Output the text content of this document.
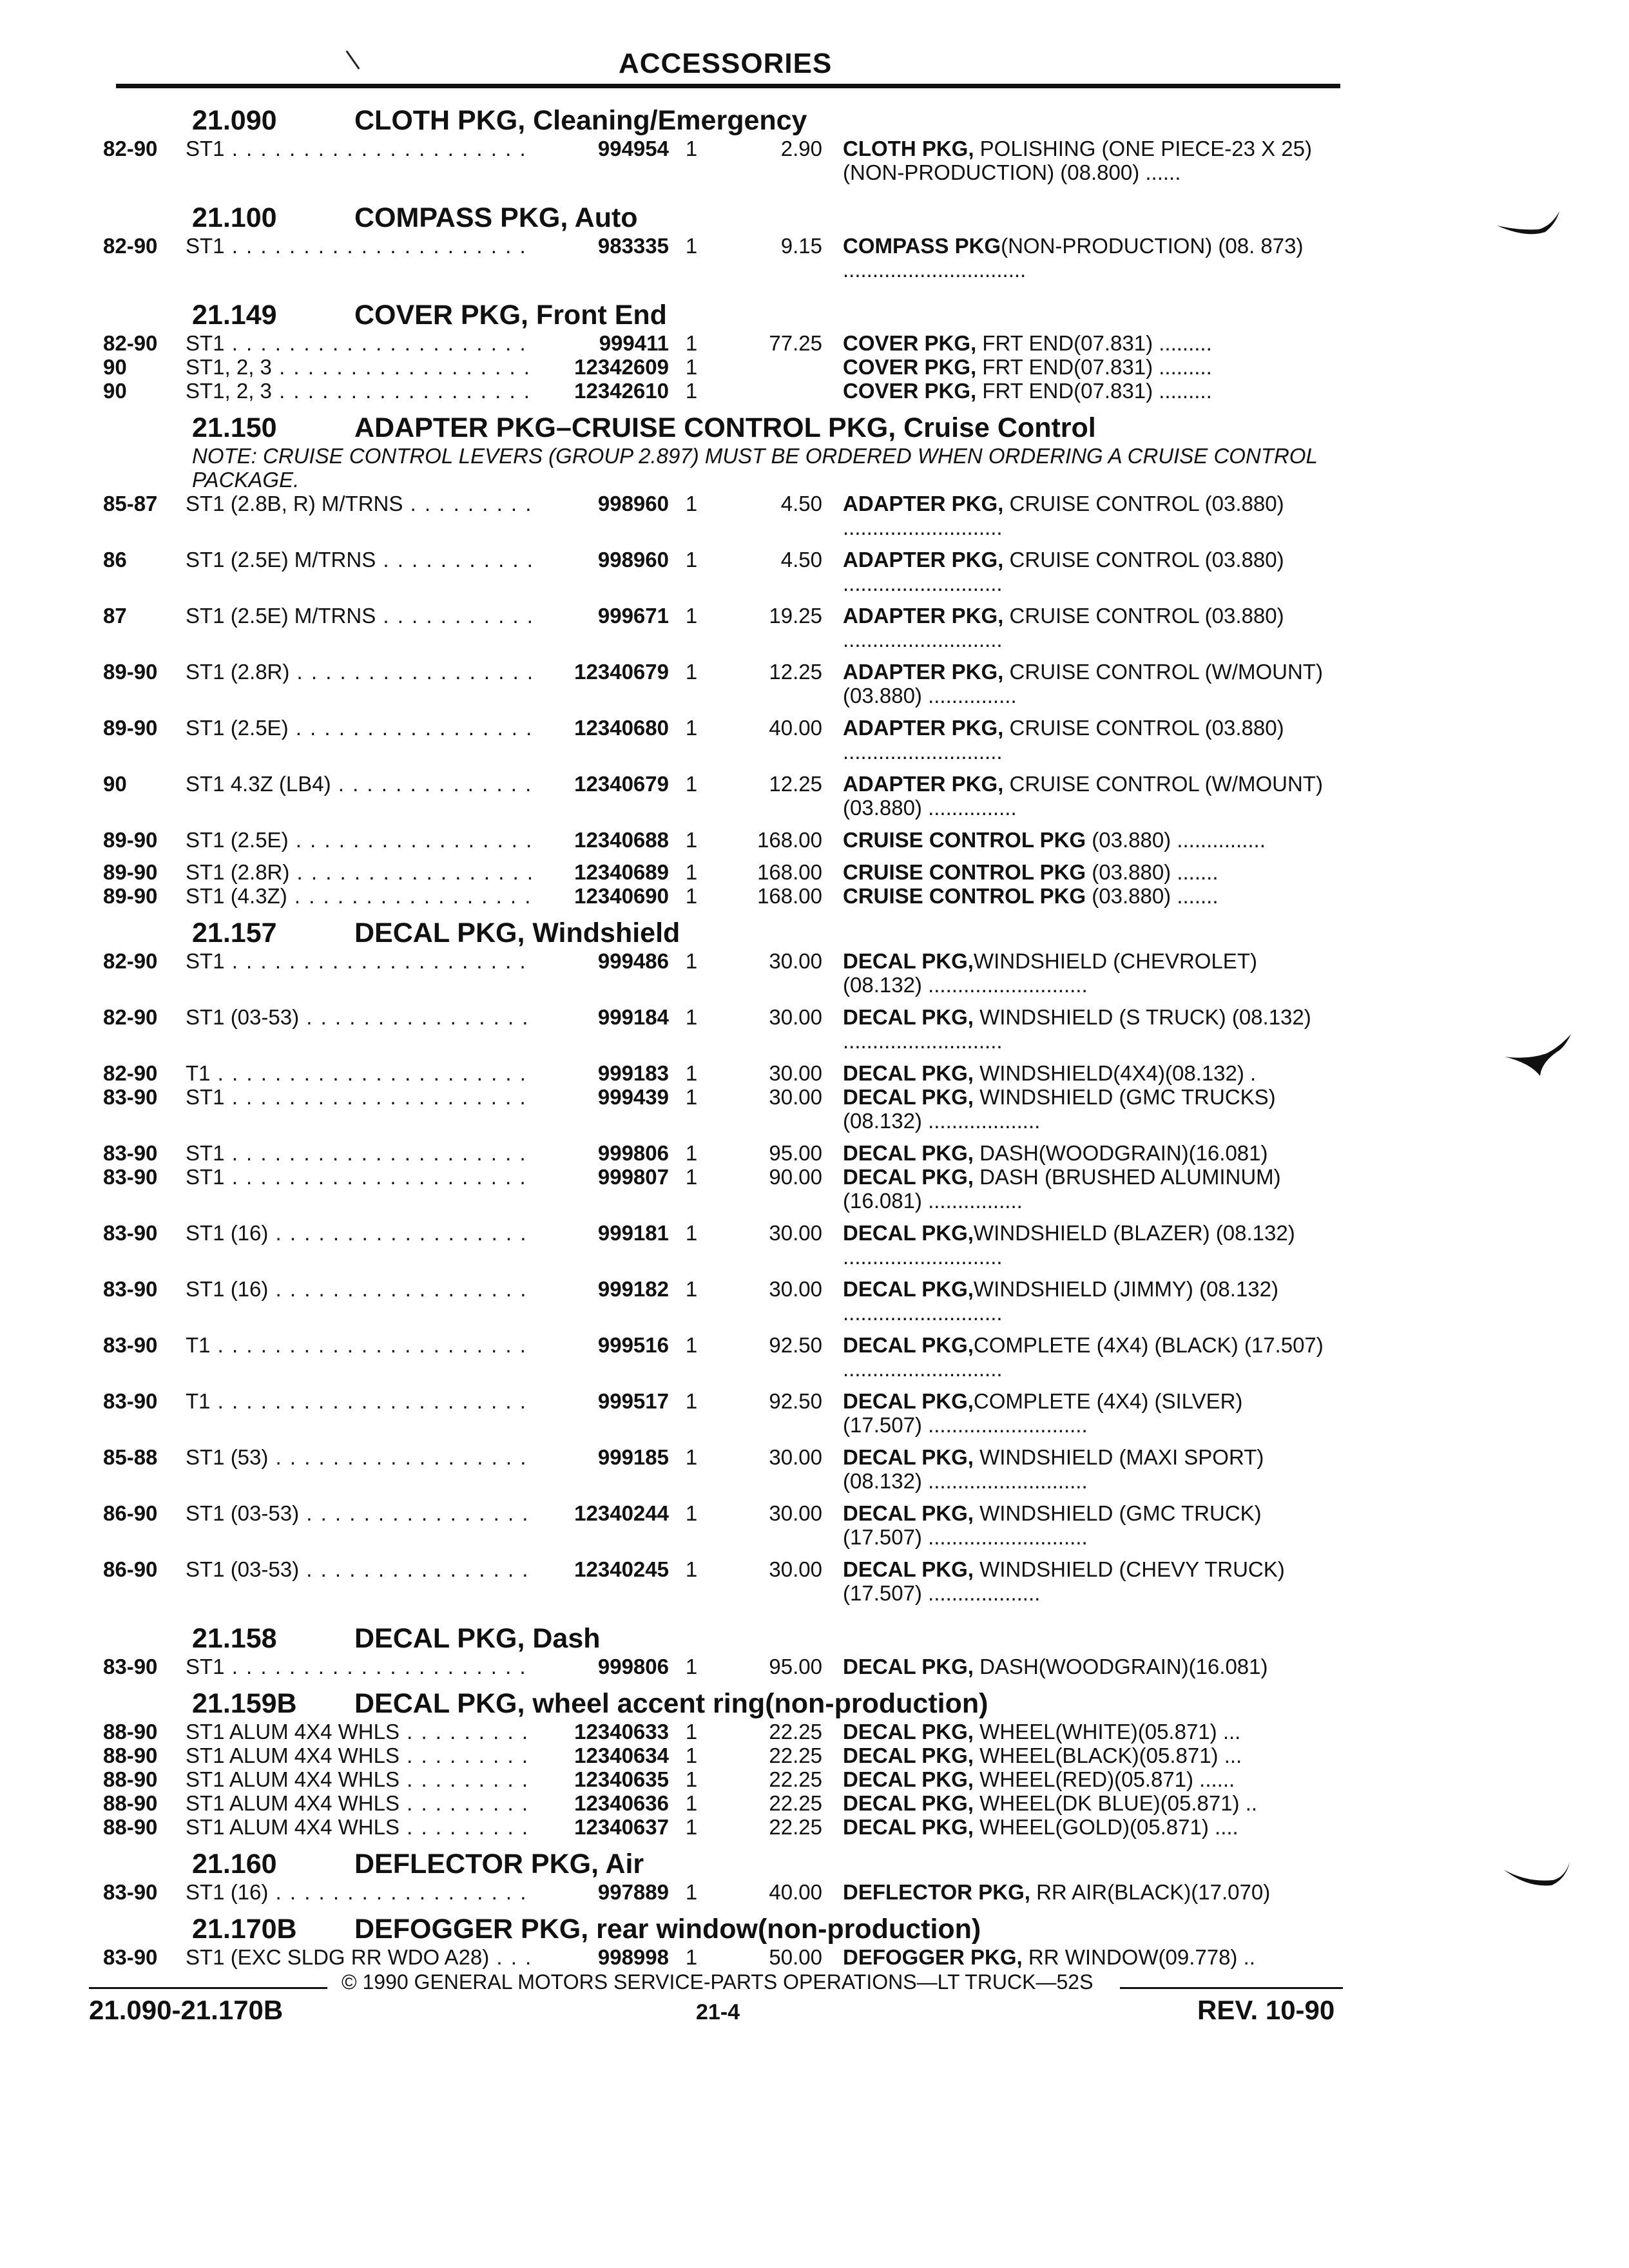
ACCESSORIES
21.090	CLOTH PKG, Cleaning/Emergency
82-90	ST1 . . .	994954 1	2.90 CLOTH PKG, POLISHING (ONE PIECE-23 X 25) (NON-PRODUCTION) (08.800) ......
21.100	COMPASS PKG, Auto
82-90	ST1 . . .	983335 1	9.15 COMPASS PKG(NON-PRODUCTION) (08. 873) ...............................
21.149	COVER PKG, Front End
82-90	ST1 . . .	999411 1	77.25 COVER PKG, FRT END(07.831) .........
90	ST1, 2, 3 . . .	12342609 1	COVER PKG, FRT END(07.831) .........
90	ST1, 2, 3 . . .	12342610 1	COVER PKG, FRT END(07.831) .........
21.150	ADAPTER PKG–CRUISE CONTROL PKG, Cruise Control
NOTE: CRUISE CONTROL LEVERS (GROUP 2.897) MUST BE ORDERED WHEN ORDERING A CRUISE CONTROL PACKAGE.
85-87	ST1 (2.8B, R) M/TRNS . . .	998960 1	4.50 ADAPTER PKG, CRUISE CONTROL (03.880) ...........................
86	ST1 (2.5E) M/TRNS . . .	998960 1	4.50 ADAPTER PKG, CRUISE CONTROL (03.880) ...........................
87	ST1 (2.5E) M/TRNS . . .	999671 1	19.25 ADAPTER PKG, CRUISE CONTROL (03.880) ...........................
89-90	ST1 (2.8R) . . .	12340679 1	12.25 ADAPTER PKG, CRUISE CONTROL (W/MOUNT) (03.880) ...............
89-90	ST1 (2.5E) . . .	12340680 1	40.00 ADAPTER PKG, CRUISE CONTROL (03.880) ...........................
90	ST1 4.3Z (LB4) . . .	12340679 1	12.25 ADAPTER PKG, CRUISE CONTROL (W/MOUNT) (03.880) ...............
89-90	ST1 (2.5E) . . .	12340688 1	168.00 CRUISE CONTROL PKG (03.880) ...............
89-90	ST1 (2.8R) . . .	12340689 1	168.00 CRUISE CONTROL PKG (03.880) .......
89-90	ST1 (4.3Z) . . .	12340690 1	168.00 CRUISE CONTROL PKG (03.880) .......
21.157	DECAL PKG, Windshield
82-90	ST1 . . .	999486 1	30.00 DECAL PKG,WINDSHIELD (CHEVROLET) (08.132) ...........................
82-90	ST1 (03-53) . . .	999184 1	30.00 DECAL PKG, WINDSHIELD (S TRUCK) (08.132) ...........................
82-90	T1 . . .	999183 1	30.00 DECAL PKG, WINDSHIELD(4X4)(08.132) .
83-90	ST1 . . .	999439 1	30.00 DECAL PKG, WINDSHIELD (GMC TRUCKS) (08.132) ...................
83-90	ST1 . . .	999806 1	95.00 DECAL PKG, DASH(WOODGRAIN)(16.081)
83-90	ST1 . . .	999807 1	90.00 DECAL PKG, DASH (BRUSHED ALUMINUM) (16.081) ................
83-90	ST1 (16) . . .	999181 1	30.00 DECAL PKG,WINDSHIELD (BLAZER) (08.132) ...........................
83-90	ST1 (16) . . .	999182 1	30.00 DECAL PKG,WINDSHIELD (JIMMY) (08.132) ...........................
83-90	T1 . . .	999516 1	92.50 DECAL PKG,COMPLETE (4X4) (BLACK) (17.507) ...........................
83-90	T1 . . .	999517 1	92.50 DECAL PKG,COMPLETE (4X4) (SILVER) (17.507) ...........................
85-88	ST1 (53) . . .	999185 1	30.00 DECAL PKG, WINDSHIELD (MAXI SPORT) (08.132) ...........................
86-90	ST1 (03-53) . . .	12340244 1	30.00 DECAL PKG, WINDSHIELD (GMC TRUCK) (17.507) ...........................
86-90	ST1 (03-53) . . .	12340245 1	30.00 DECAL PKG, WINDSHIELD (CHEVY TRUCK) (17.507) ...................
21.158	DECAL PKG, Dash
83-90	ST1 . . .	999806 1	95.00 DECAL PKG, DASH(WOODGRAIN)(16.081)
21.159B	DECAL PKG, wheel accent ring(non-production)
88-90	ST1 ALUM 4X4 WHLS . . .	12340633 1	22.25 DECAL PKG, WHEEL(WHITE)(05.871) ...
88-90	ST1 ALUM 4X4 WHLS . . .	12340634 1	22.25 DECAL PKG, WHEEL(BLACK)(05.871) ...
88-90	ST1 ALUM 4X4 WHLS . . .	12340635 1	22.25 DECAL PKG, WHEEL(RED)(05.871) ......
88-90	ST1 ALUM 4X4 WHLS . . .	12340636 1	22.25 DECAL PKG, WHEEL(DK BLUE)(05.871) ..
88-90	ST1 ALUM 4X4 WHLS . . .	12340637 1	22.25 DECAL PKG, WHEEL(GOLD)(05.871) ....
21.160	DEFLECTOR PKG, Air
83-90	ST1 (16) . . .	997889 1	40.00 DEFLECTOR PKG, RR AIR(BLACK)(17.070)
21.170B	DEFOGGER PKG, rear window(non-production)
83-90	ST1 (EXC SLDG RR WDO A28) . . .	998998 1	50.00 DEFOGGER PKG, RR WINDOW(09.778) ..
© 1990 GENERAL MOTORS SERVICE-PARTS OPERATIONS—LT TRUCK—52S
21.090-21.170B	21-4	REV. 10-90
